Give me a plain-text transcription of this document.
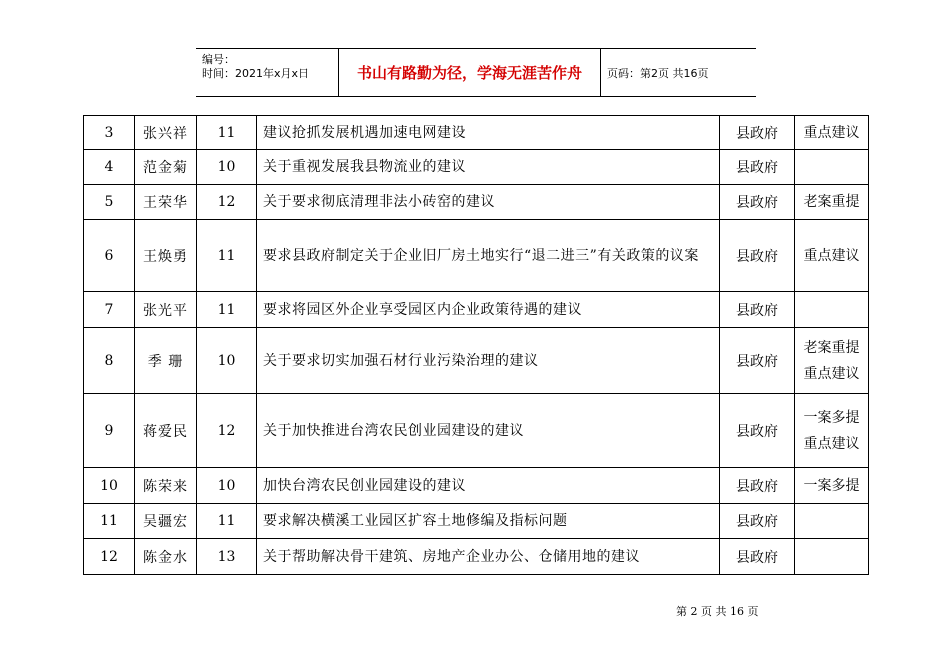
编号：
时间：2021年x月x日	书山有路勤为径，学海无涯苦作舟	页码：第2页 共16页
3	张兴祥	11	建议抢抓发展机遇加速电网建设	县政府	重点建议

4	范金菊	10	关于重视发展我县物流业的建议	县政府	
5	王荣华	12	关于要求彻底清理非法小砖窑的建议	县政府	老案重提

6	王焕勇	11	要求县政府制定关于企业旧厂房土地实行“退二进三”有关政策的议案	县政府	重点建议

7	张光平	11	要求将园区外企业享受园区内企业政策待遇的建议	县政府	
8	季 珊	10	关于要求切实加强石材行业污染治理的建议	县政府	老案重提
重点建议

9	蒋爱民	12	关于加快推进台湾农民创业园建设的建议	县政府	一案多提
重点建议

10	陈荣来	10	加快台湾农民创业园建设的建议	县政府	一案多提

11	吴疆宏	11	要求解决横溪工业园区扩容土地修编及指标问题	县政府	
12	陈金水	13	关于帮助解决骨干建筑、房地产企业办公、仓储用地的建议	县政府	
第 2 页 共 16 页
